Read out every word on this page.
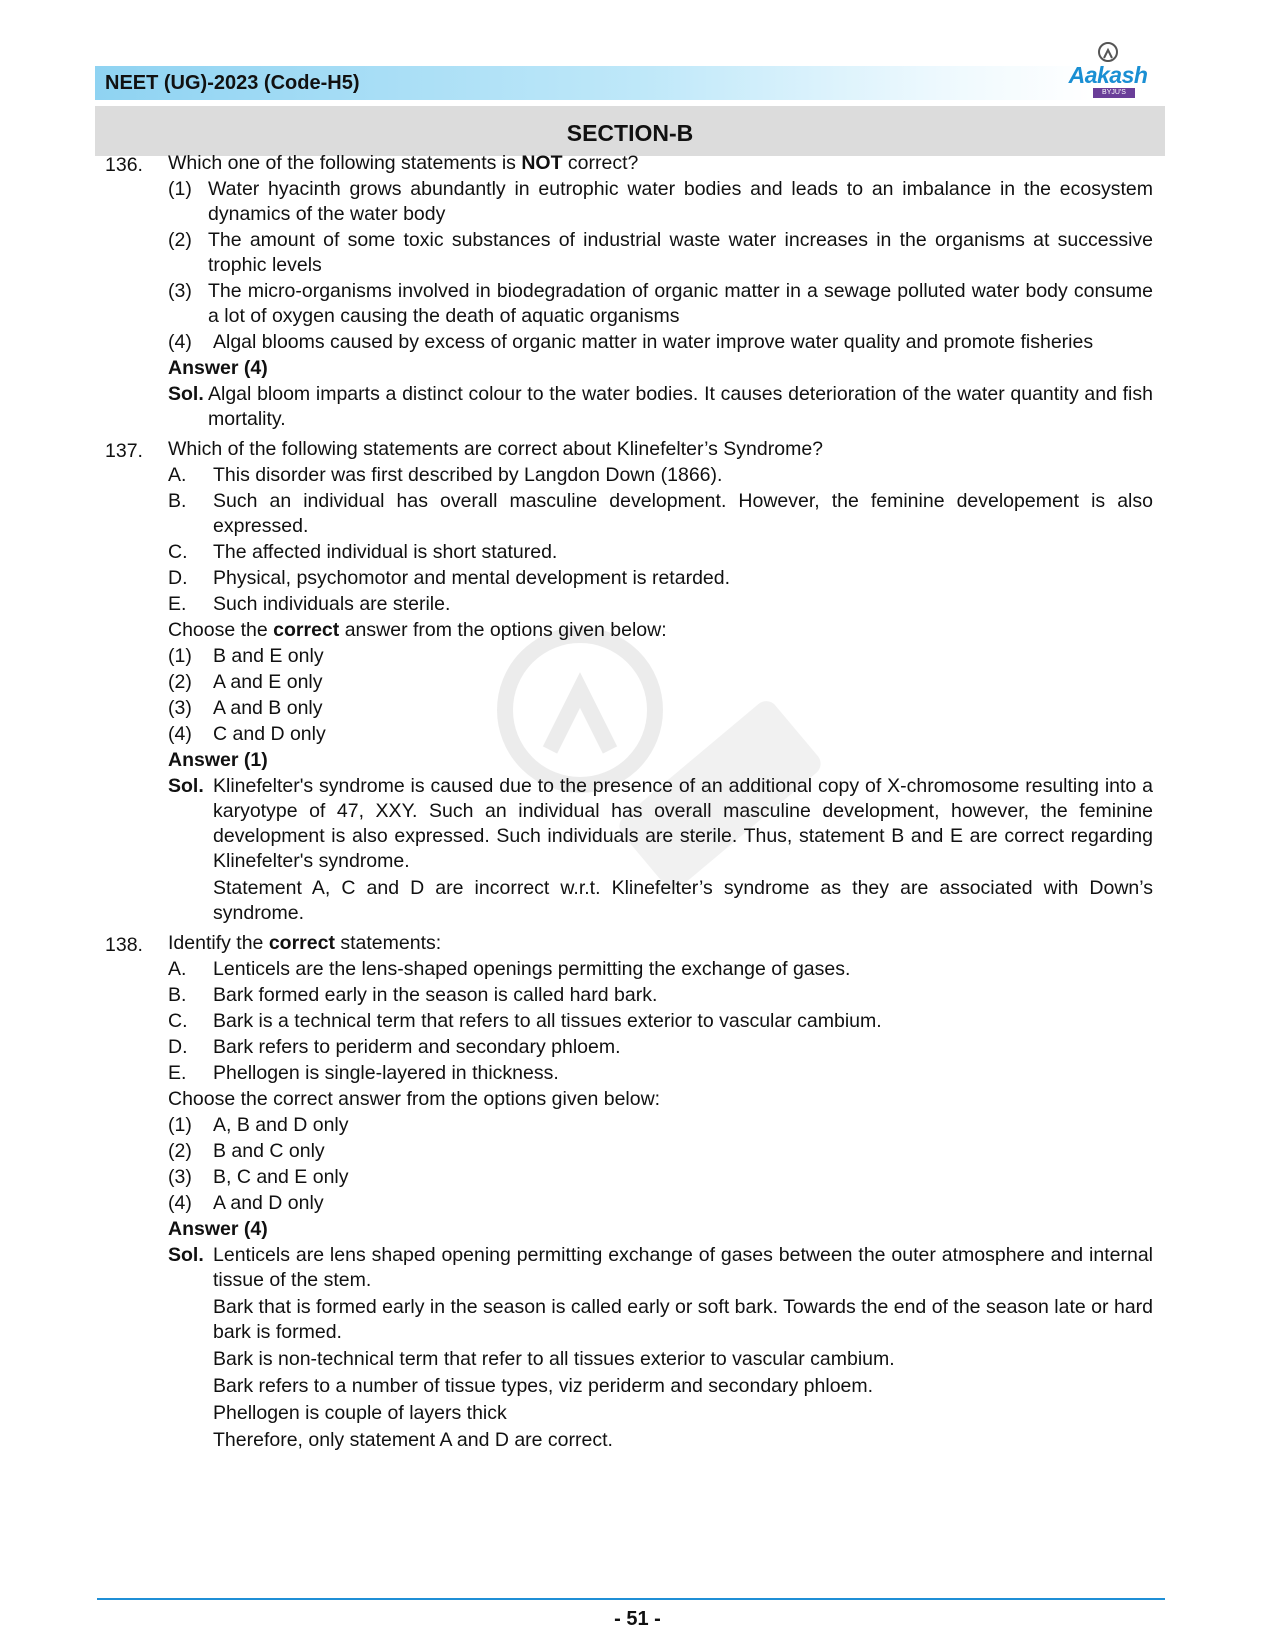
NEET (UG)-2023 (Code-H5)	Aakash
BYJU'S
SECTION-B
136. Which one of the following statements is NOT correct?
(1) Water hyacinth grows abundantly in eutrophic water bodies and leads to an imbalance in the ecosystem dynamics of the water body
(2) The amount of some toxic substances of industrial waste water increases in the organisms at successive trophic levels
(3) The micro-organisms involved in biodegradation of organic matter in a sewage polluted water body consume a lot of oxygen causing the death of aquatic organisms
(4) Algal blooms caused by excess of organic matter in water improve water quality and promote fisheries
Answer (4)
Sol. Algal bloom imparts a distinct colour to the water bodies. It causes deterioration of the water quantity and fish mortality.

137. Which of the following statements are correct about Klinefelter’s Syndrome?
A. This disorder was first described by Langdon Down (1866).
B. Such an individual has overall masculine development. However, the feminine developement is also expressed.
C. The affected individual is short statured.
D. Physical, psychomotor and mental development is retarded.
E. Such individuals are sterile.
Choose the correct answer from the options given below:
(1) B and E only
(2) A and E only
(3) A and B only
(4) C and D only
Answer (1)
Sol. Klinefelter's syndrome is caused due to the presence of an additional copy of X-chromosome resulting into a karyotype of 47, XXY. Such an individual has overall masculine development, however, the feminine development is also expressed. Such individuals are sterile. Thus, statement B and E are correct regarding Klinefelter's syndrome.

Statement A, C and D are incorrect w.r.t. Klinefelter’s syndrome as they are associated with Down’s syndrome.

138. Identify the correct statements:
A. Lenticels are the lens-shaped openings permitting the exchange of gases.
B. Bark formed early in the season is called hard bark.
C. Bark is a technical term that refers to all tissues exterior to vascular cambium.
D. Bark refers to periderm and secondary phloem.
E. Phellogen is single-layered in thickness.
Choose the correct answer from the options given below:
(1) A, B and D only
(2) B and C only
(3) B, C and E only
(4) A and D only
Answer (4)
Sol. Lenticels are lens shaped opening permitting exchange of gases between the outer atmosphere and internal tissue of the stem.

Bark that is formed early in the season is called early or soft bark. Towards the end of the season late or hard bark is formed.

Bark is non-technical term that refer to all tissues exterior to vascular cambium.

Bark refers to a number of tissue types, viz periderm and secondary phloem.

Phellogen is couple of layers thick

Therefore, only statement A and D are correct.

- 51 -
